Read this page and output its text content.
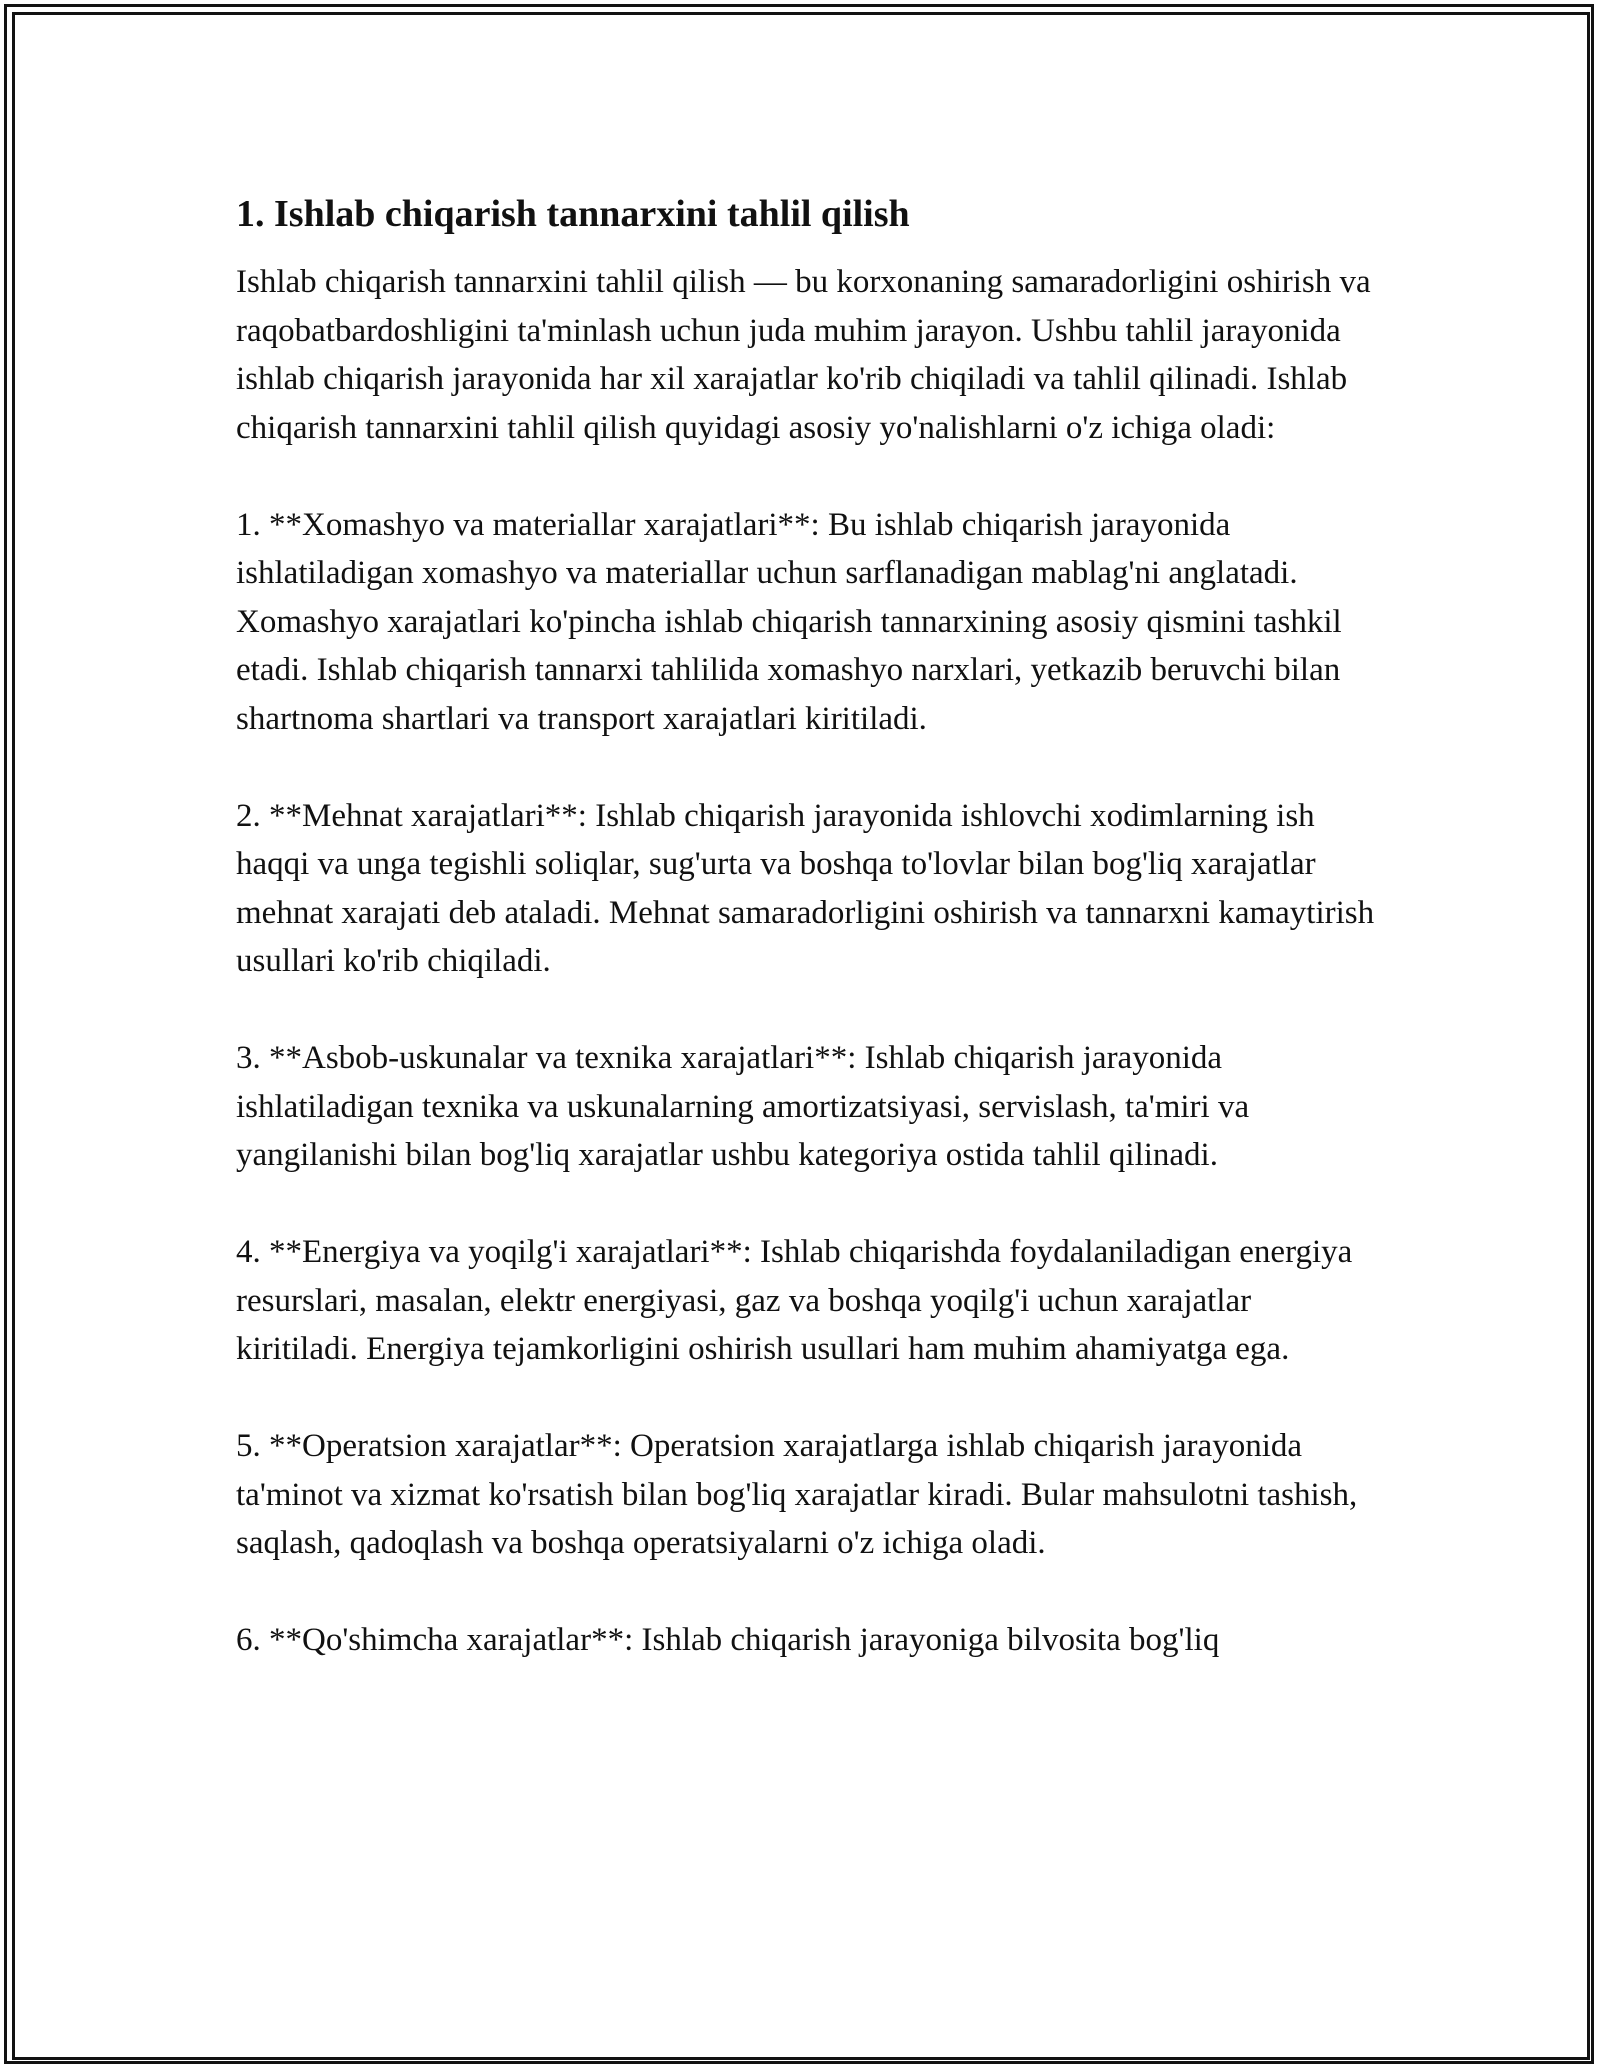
1. Ishlab chiqarish tannarxini tahlil qilish

Ishlab chiqarish tannarxini tahlil qilish — bu korxonaning samaradorligini oshirish va raqobatbardoshligini ta'minlash uchun juda muhim jarayon. Ushbu tahlil jarayonida ishlab chiqarish jarayonida har xil xarajatlar ko'rib chiqiladi va tahlil qilinadi. Ishlab chiqarish tannarxini tahlil qilish quyidagi asosiy yo'nalishlarni o'z ichiga oladi:

1. **Xomashyo va materiallar xarajatlari**: Bu ishlab chiqarish jarayonida ishlatiladigan xomashyo va materiallar uchun sarflanadigan mablag'ni anglatadi. Xomashyo xarajatlari ko'pincha ishlab chiqarish tannarxining asosiy qismini tashkil etadi. Ishlab chiqarish tannarxi tahlilida xomashyo narxlari, yetkazib beruvchi bilan shartnoma shartlari va transport xarajatlari kiritiladi.

2. **Mehnat xarajatlari**: Ishlab chiqarish jarayonida ishlovchi xodimlarning ish haqqi va unga tegishli soliqlar, sug'urta va boshqa to'lovlar bilan bog'liq xarajatlar mehnat xarajati deb ataladi. Mehnat samaradorligini oshirish va tannarxni kamaytirish usullari ko'rib chiqiladi.

3. **Asbob-uskunalar va texnika xarajatlari**: Ishlab chiqarish jarayonida ishlatiladigan texnika va uskunalarning amortizatsiyasi, servislash, ta'miri va yangilanishi bilan bog'liq xarajatlar ushbu kategoriya ostida tahlil qilinadi.

4. **Energiya va yoqilg'i xarajatlari**: Ishlab chiqarishda foydalaniladigan energiya resurslari, masalan, elektr energiyasi, gaz va boshqa yoqilg'i uchun xarajatlar kiritiladi. Energiya tejamkorligini oshirish usullari ham muhim ahamiyatga ega.

5. **Operatsion xarajatlar**: Operatsion xarajatlarga ishlab chiqarish jarayonida ta'minot va xizmat ko'rsatish bilan bog'liq xarajatlar kiradi. Bular mahsulotni tashish, saqlash, qadoqlash va boshqa operatsiyalarni o'z ichiga oladi.

6. **Qo'shimcha xarajatlar**: Ishlab chiqarish jarayoniga bilvosita bog'liq
